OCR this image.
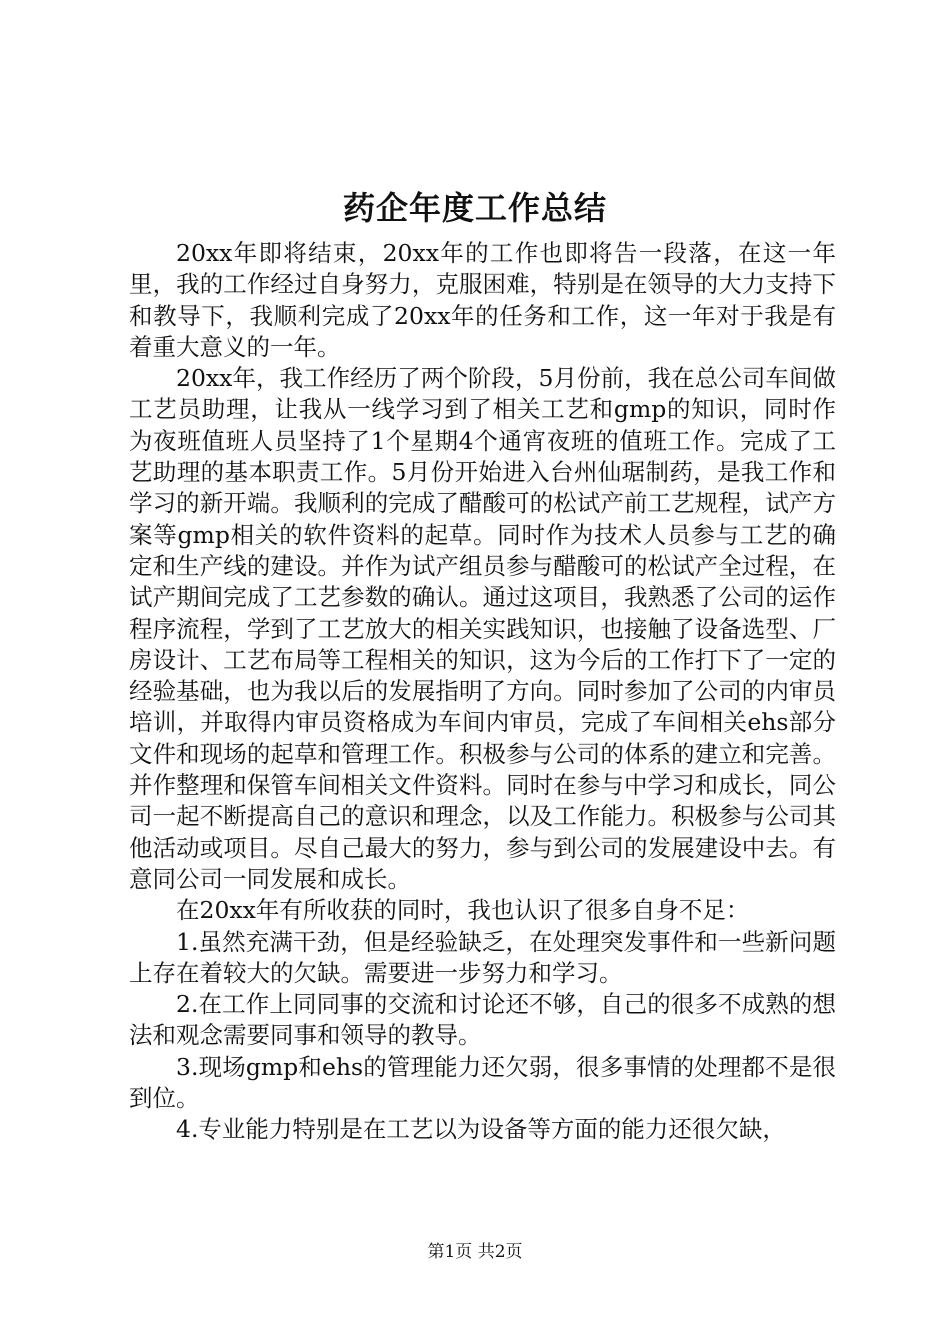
药企年度工作总结

20xx年即将结束，20xx年的工作也即将告一段落，在这一年里，我的工作经过自身努力，克服困难，特别是在领导的大力支持下和教导下，我顺利完成了20xx年的任务和工作，这一年对于我是有着重大意义的一年。

20xx年，我工作经历了两个阶段，5月份前，我在总公司车间做工艺员助理，让我从一线学习到了相关工艺和gmp的知识，同时作为夜班值班人员坚持了1个星期4个通宵夜班的值班工作。完成了工艺助理的基本职责工作。5月份开始进入台州仙琚制药，是我工作和学习的新开端。我顺利的完成了醋酸可的松试产前工艺规程，试产方案等gmp相关的软件资料的起草。同时作为技术人员参与工艺的确定和生产线的建设。并作为试产组员参与醋酸可的松试产全过程，在试产期间完成了工艺参数的确认。通过这项目，我熟悉了公司的运作程序流程，学到了工艺放大的相关实践知识，也接触了设备选型、厂房设计、工艺布局等工程相关的知识，这为今后的工作打下了一定的经验基础，也为我以后的发展指明了方向。同时参加了公司的内审员培训，并取得内审员资格成为车间内审员，完成了车间相关ehs部分文件和现场的起草和管理工作。积极参与公司的体系的建立和完善。并作整理和保管车间相关文件资料。同时在参与中学习和成长，同公司一起不断提高自己的意识和理念，以及工作能力。积极参与公司其他活动或项目。尽自己最大的努力，参与到公司的发展建设中去。有意同公司一同发展和成长。

在20xx年有所收获的同时，我也认识了很多自身不足：

1.虽然充满干劲，但是经验缺乏，在处理突发事件和一些新问题上存在着较大的欠缺。需要进一步努力和学习。

2.在工作上同同事的交流和讨论还不够，自己的很多不成熟的想法和观念需要同事和领导的教导。

3.现场gmp和ehs的管理能力还欠弱，很多事情的处理都不是很到位。

4.专业能力特别是在工艺以为设备等方面的能力还很欠缺，

第1页 共2页
